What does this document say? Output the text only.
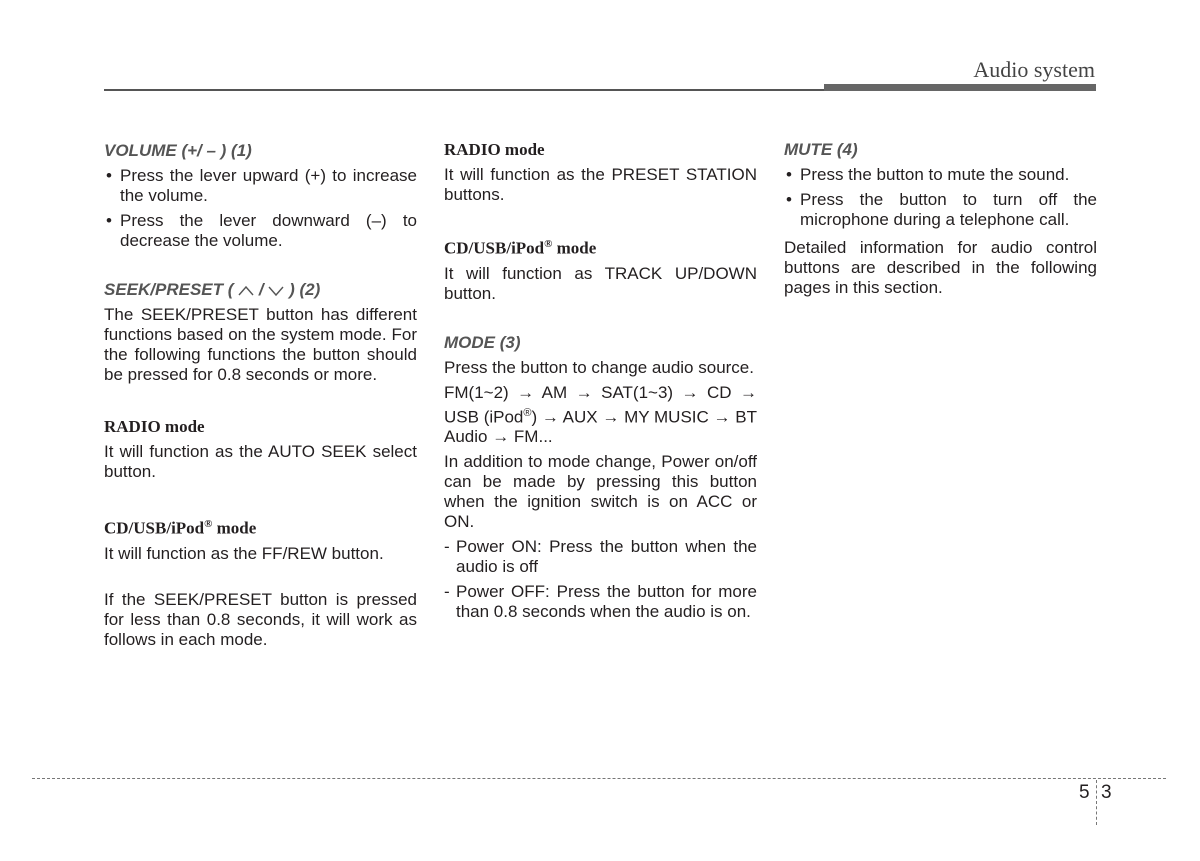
Audio system
VOLUME (+/ – ) (1)
• Press the lever upward (+) to increase the volume.
• Press the lever downward (–) to decrease the volume.
SEEK/PRESET ( / ) (2)

The SEEK/PRESET button has different functions based on the system mode. For the following functions the button should be pressed for 0.8 seconds or more.

RADIO mode

It will function as the AUTO SEEK select button.

CD/USB/iPod® mode

It will function as the FF/REW button.

If the SEEK/PRESET button is pressed for less than 0.8 seconds, it will work as follows in each mode.

RADIO mode

It will function as the PRESET STATION buttons.

CD/USB/iPod® mode

It will function as TRACK UP/DOWN button.

MODE (3)

Press the button to change audio source.

FM(1~2) → AM → SAT(1~3) → CD → USB (iPod®) → AUX → MY MUSIC → BT Audio → FM...

In addition to mode change, Power on/off can be made by pressing this button when the ignition switch is on ACC or ON.

- Power ON: Press the button when the audio is off
- Power OFF: Press the button for more than 0.8 seconds when the audio is on.
MUTE (4)
• Press the button to mute the sound.
• Press the button to turn off the microphone during a telephone call.

Detailed information for audio control buttons are described in the following pages in this section.

5 3
